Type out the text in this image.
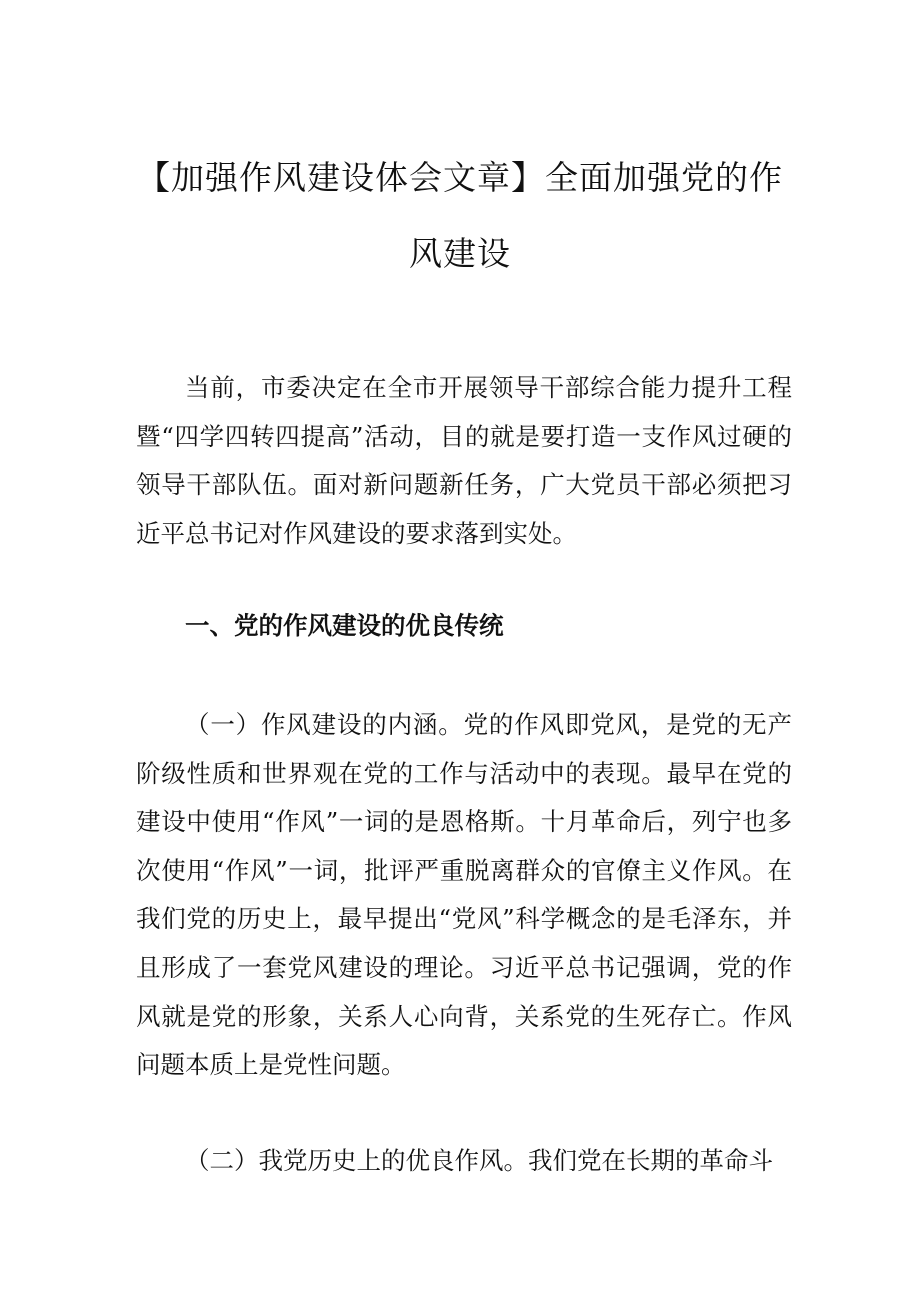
【加强作风建设体会文章】全面加强党的作
风建设

当前，市委决定在全市开展领导干部综合能力提升工程暨“四学四转四提高”活动，目的就是要打造一支作风过硬的领导干部队伍。面对新问题新任务，广大党员干部必须把习近平总书记对作风建设的要求落到实处。

一、党的作风建设的优良传统

（一）作风建设的内涵。党的作风即党风，是党的无产阶级性质和世界观在党的工作与活动中的表现。最早在党的建设中使用“作风”一词的是恩格斯。十月革命后，列宁也多次使用“作风”一词，批评严重脱离群众的官僚主义作风。在我们党的历史上，最早提出“党风”科学概念的是毛泽东，并且形成了一套党风建设的理论。习近平总书记强调，党的作风就是党的形象，关系人心向背，关系党的生死存亡。作风问题本质上是党性问题。

（二）我党历史上的优良作风。我们党在长期的革命斗
